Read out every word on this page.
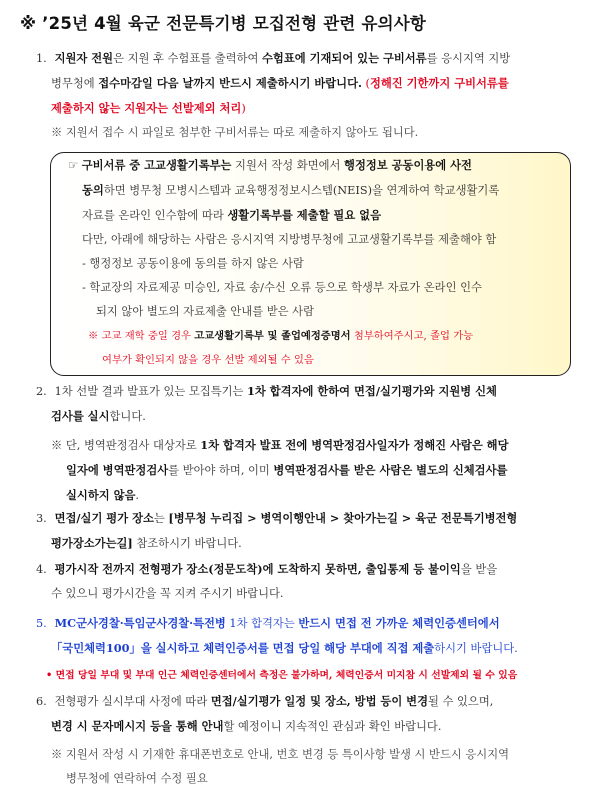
※ ’25년 4월 육군 전문특기병 모집전형 관련 유의사항
1. 지원자 전원은 지원 후 수험표를 출력하여 수험표에 기재되어 있는 구비서류를 응시지역 지방
병무청에 접수마감일 다음 날까지 반드시 제출하시기 바랍니다. (정해진 기한까지 구비서류를
제출하지 않는 지원자는 선발제외 처리)
※ 지원서 접수 시 파일로 첨부한 구비서류는 따로 제출하지 않아도 됩니다.
☞ 구비서류 중 고교생활기록부는 지원서 작성 화면에서 행정정보 공동이용에 사전
동의하면 병무청 모병시스템과 교육행정정보시스템(NEIS)을 연계하여 학교생활기록
자료를 온라인 인수함에 따라 생활기록부를 제출할 필요 없음
다만, 아래에 해당하는 사람은 응시지역 지방병무청에 고교생활기록부를 제출해야 함
- 행정정보 공동이용에 동의를 하지 않은 사람
- 학교장의 자료제공 미승인, 자료 송/수신 오류 등으로 학생부 자료가 온라인 인수
되지 않아 별도의 자료제출 안내를 받은 사람
※ 고교 재학 중일 경우 고교생활기록부 및 졸업예정증명서 첨부하여주시고, 졸업 가능
여부가 확인되지 않을 경우 선발 제외될 수 있음
2. 1차 선발 결과 발표가 있는 모집특기는 1차 합격자에 한하여 면접/실기평가와 지원병 신체
검사를 실시합니다.
※ 단, 병역판정검사 대상자로 1차 합격자 발표 전에 병역판정검사일자가 정해진 사람은 해당
일자에 병역판정검사를 받아야 하며, 이미 병역판정검사를 받은 사람은 별도의 신체검사를
실시하지 않음.
3. 면접/실기 평가 장소는 [병무청 누리집 > 병역이행안내 > 찾아가는길 > 육군 전문특기병전형
평가장소가는길] 참조하시기 바랍니다.
4. 평가시작 전까지 전형평가 장소(정문도착)에 도착하지 못하면, 출입통제 등 불이익을 받을
수 있으니 평가시간을 꼭 지켜 주시기 바랍니다.
5. MC군사경찰·특임군사경찰·특전병 1차 합격자는 반드시 면접 전 가까운 체력인증센터에서
「국민체력100」을 실시하고 체력인증서를 면접 당일 해당 부대에 직접 제출하시기 바랍니다.
• 면접 당일 부대 및 부대 인근 체력인증센터에서 측정은 불가하며, 체력인증서 미지참 시 선발제외 될 수 있음
6. 전형평가 실시부대 사정에 따라 면접/실기평가 일정 및 장소, 방법 등이 변경될 수 있으며,
변경 시 문자메시지 등을 통해 안내할 예정이니 지속적인 관심과 확인 바랍니다.
※ 지원서 작성 시 기재한 휴대폰번호로 안내, 번호 변경 등 특이사항 발생 시 반드시 응시지역
병무청에 연락하여 수정 필요
